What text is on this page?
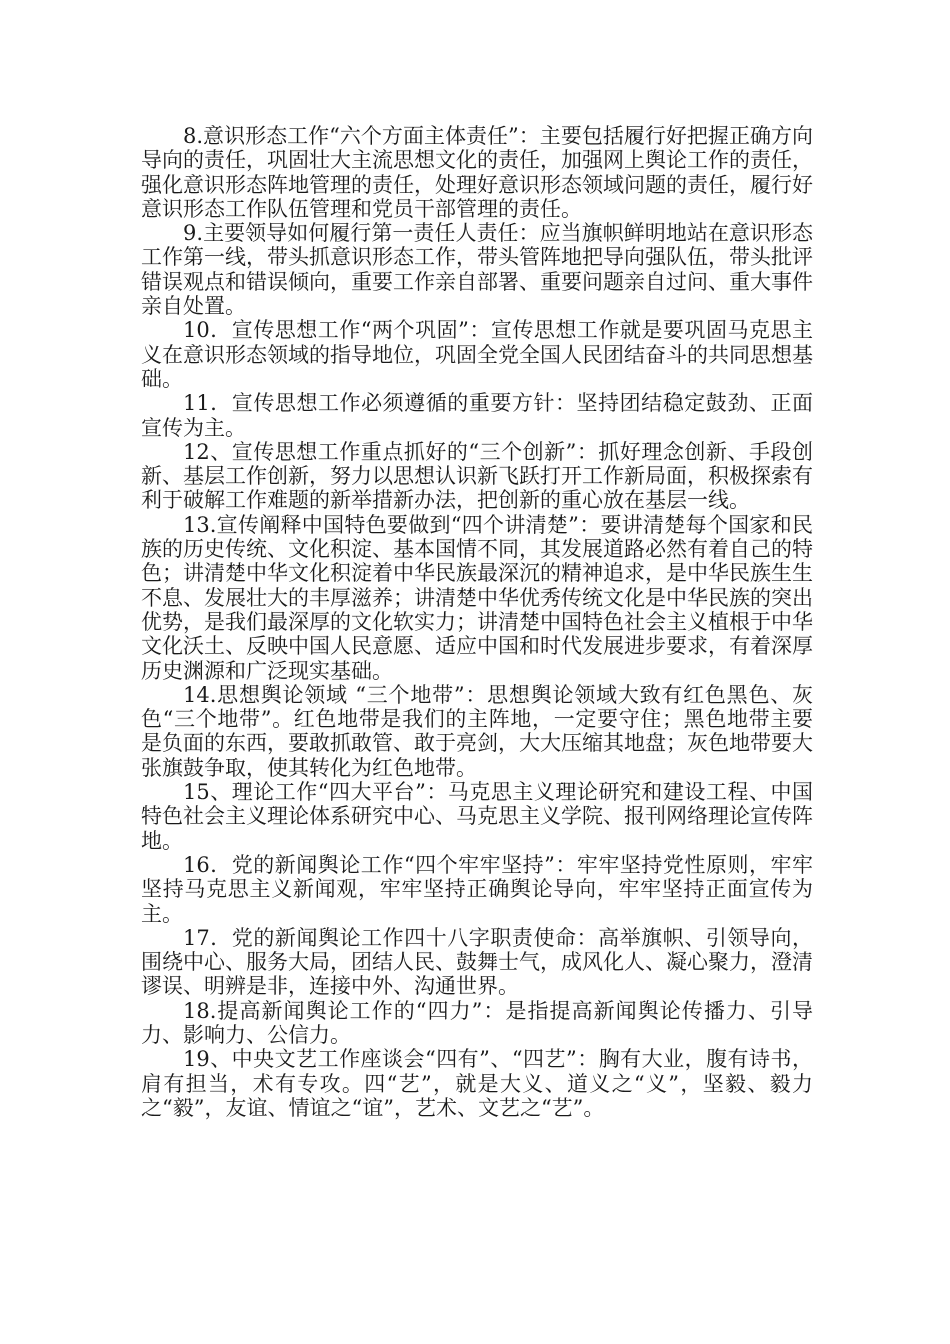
8.意识形态工作“六个方面主体责任”：主要包括履行好把握正确方向导向的责任，巩固壮大主流思想文化的责任，加强网上舆论工作的责任，强化意识形态阵地管理的责任，处理好意识形态领域问题的责任，履行好意识形态工作队伍管理和党员干部管理的责任。

9.主要领导如何履行第一责任人责任：应当旗帜鲜明地站在意识形态工作第一线，带头抓意识形态工作，带头管阵地把导向强队伍，带头批评错误观点和错误倾向，重要工作亲自部署、重要问题亲自过问、重大事件亲自处置。

10．宣传思想工作“两个巩固”：宣传思想工作就是要巩固马克思主义在意识形态领域的指导地位，巩固全党全国人民团结奋斗的共同思想基础。

11．宣传思想工作必须遵循的重要方针：坚持团结稳定鼓劲、正面宣传为主。

12、宣传思想工作重点抓好的“三个创新”：抓好理念创新、手段创新、基层工作创新，努力以思想认识新飞跃打开工作新局面，积极探索有利于破解工作难题的新举措新办法，把创新的重心放在基层一线。

13.宣传阐释中国特色要做到“四个讲清楚”：要讲清楚每个国家和民族的历史传统、文化积淀、基本国情不同，其发展道路必然有着自己的特色；讲清楚中华文化积淀着中华民族最深沉的精神追求，是中华民族生生不息、发展壮大的丰厚滋养；讲清楚中华优秀传统文化是中华民族的突出优势，是我们最深厚的文化软实力；讲清楚中国特色社会主义植根于中华文化沃土、反映中国人民意愿、适应中国和时代发展进步要求，有着深厚历史渊源和广泛现实基础。

14.思想舆论领域 “三个地带”：思想舆论领域大致有红色黑色、灰色“三个地带”。红色地带是我们的主阵地，一定要守住；黑色地带主要是负面的东西，要敢抓敢管、敢于亮剑，大大压缩其地盘；灰色地带要大张旗鼓争取，使其转化为红色地带。

15、理论工作“四大平台”：马克思主义理论研究和建设工程、中国特色社会主义理论体系研究中心、马克思主义学院、报刊网络理论宣传阵地。

16．党的新闻舆论工作“四个牢牢坚持”：牢牢坚持党性原则，牢牢坚持马克思主义新闻观，牢牢坚持正确舆论导向，牢牢坚持正面宣传为主。

17．党的新闻舆论工作四十八字职责使命：高举旗帜、引领导向，围绕中心、服务大局，团结人民、鼓舞士气，成风化人、凝心聚力，澄清谬误、明辨是非，连接中外、沟通世界。

18.提高新闻舆论工作的“四力”：是指提高新闻舆论传播力、引导力、影响力、公信力。

19、中央文艺工作座谈会“四有”、“四艺”：胸有大业，腹有诗书，肩有担当，术有专攻。四“艺”，就是大义、道义之“义”，坚毅、毅力之“毅”，友谊、情谊之“谊”，艺术、文艺之“艺”。
